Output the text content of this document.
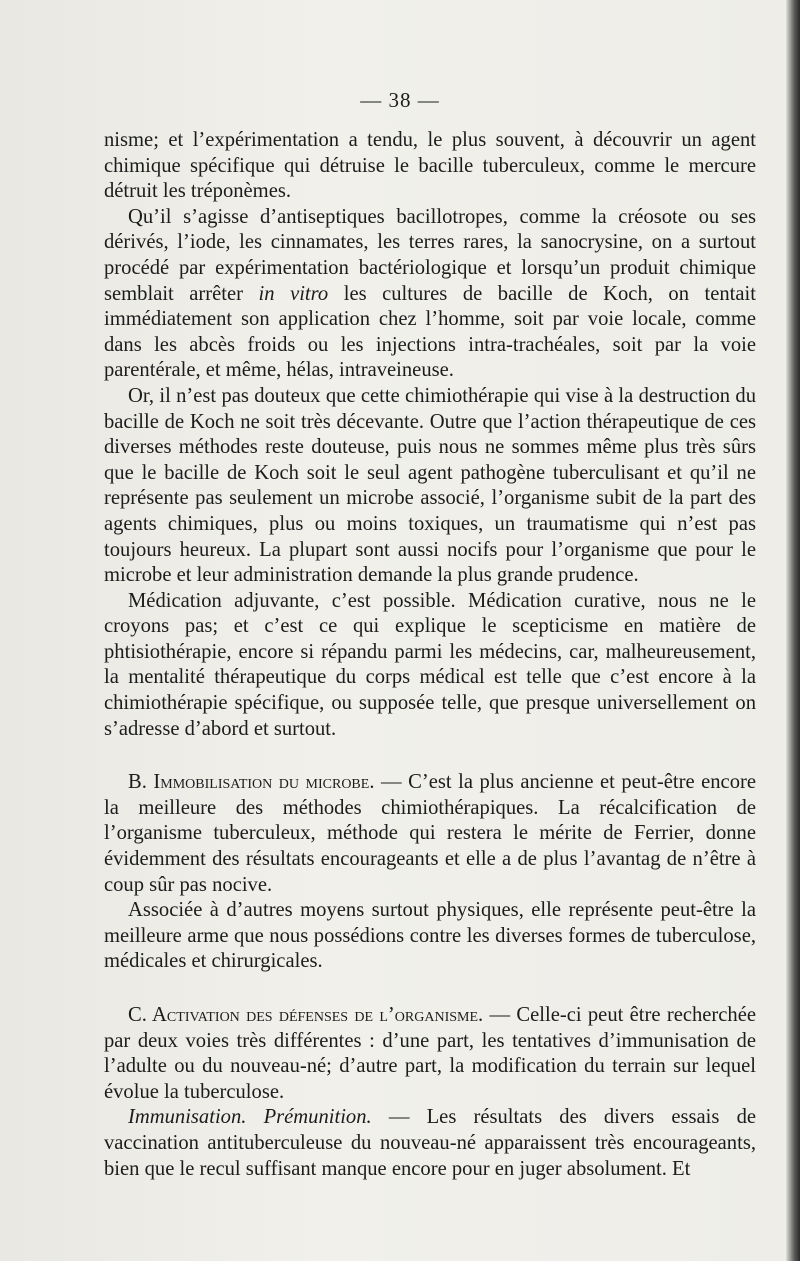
— 38 —

nisme; et l’expérimentation a tendu, le plus souvent, à découvrir un agent chimique spécifique qui détruise le bacille tuberculeux, comme le mercure détruit les tréponèmes.

Qu’il s’agisse d’antiseptiques bacillotropes, comme la créosote ou ses dérivés, l’iode, les cinnamates, les terres rares, la sanocrysine, on a surtout procédé par expérimentation bactériologique et lorsqu’un produit chimique semblait arrêter in vitro les cultures de bacille de Koch, on tentait immédiatement son application chez l’homme, soit par voie locale, comme dans les abcès froids ou les injections intra-trachéales, soit par la voie parentérale, et même, hélas, intraveineuse.

Or, il n’est pas douteux que cette chimiothérapie qui vise à la destruction du bacille de Koch ne soit très décevante. Outre que l’action thérapeutique de ces diverses méthodes reste douteuse, puis nous ne sommes même plus très sûrs que le bacille de Koch soit le seul agent pathogène tuberculisant et qu’il ne représente pas seulement un microbe associé, l’organisme subit de la part des agents chimiques, plus ou moins toxiques, un traumatisme qui n’est pas toujours heureux. La plupart sont aussi nocifs pour l’organisme que pour le microbe et leur administration demande la plus grande prudence.

Médication adjuvante, c’est possible. Médication curative, nous ne le croyons pas; et c’est ce qui explique le scepticisme en matière de phtisiothérapie, encore si répandu parmi les médecins, car, malheureusement, la mentalité thérapeutique du corps médical est telle que c’est encore à la chimiothérapie spécifique, ou supposée telle, que presque universellement on s’adresse d’abord et surtout.

B. Immobilisation du microbe. — C’est la plus ancienne et peut-être encore la meilleure des méthodes chimiothérapiques. La récalcification de l’organisme tuberculeux, méthode qui restera le mérite de Ferrier, donne évidemment des résultats encourageants et elle a de plus l’avantag de n’être à coup sûr pas nocive.

Associée à d’autres moyens surtout physiques, elle représente peut-être la meilleure arme que nous possédions contre les diverses formes de tuberculose, médicales et chirurgicales.

C. Activation des défenses de l’organisme. — Celle-ci peut être recherchée par deux voies très différentes : d’une part, les tentatives d’immunisation de l’adulte ou du nouveau-né; d’autre part, la modification du terrain sur lequel évolue la tuberculose.

Immunisation. Prémunition. — Les résultats des divers essais de vaccination antituberculeuse du nouveau-né apparaissent très encourageants, bien que le recul suffisant manque encore pour en juger absolument. Et
